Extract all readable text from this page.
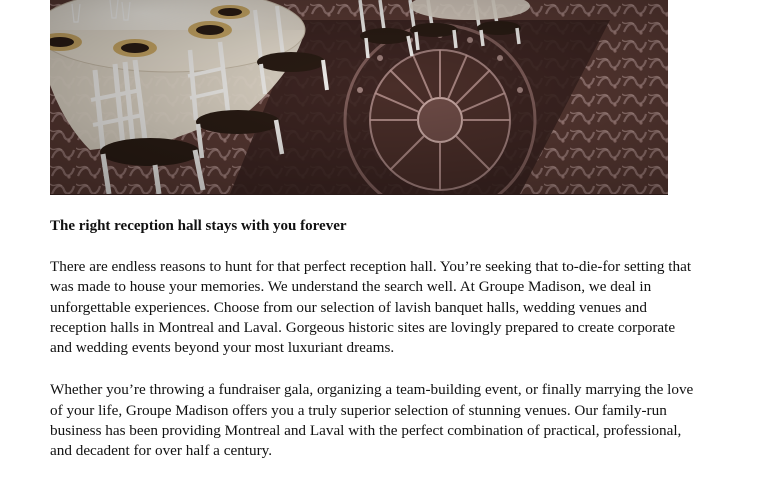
The right reception hall stays with you forever

There are endless reasons to hunt for that perfect reception hall. You’re seeking that to-die-for setting that was made to house your memories. We understand the search well. At Groupe Madison, we deal in unforgettable experiences. Choose from our selection of lavish banquet halls, wedding venues and reception halls in Montreal and Laval. Gorgeous historic sites are lovingly prepared to create corporate and wedding events beyond your most luxuriant dreams.

Whether you’re throwing a fundraiser gala, organizing a team-building event, or finally marrying the love of your life, Groupe Madison offers you a truly superior selection of stunning venues. Our family-run business has been providing Montreal and Laval with the perfect combination of practical, professional, and decadent for over half a century.
